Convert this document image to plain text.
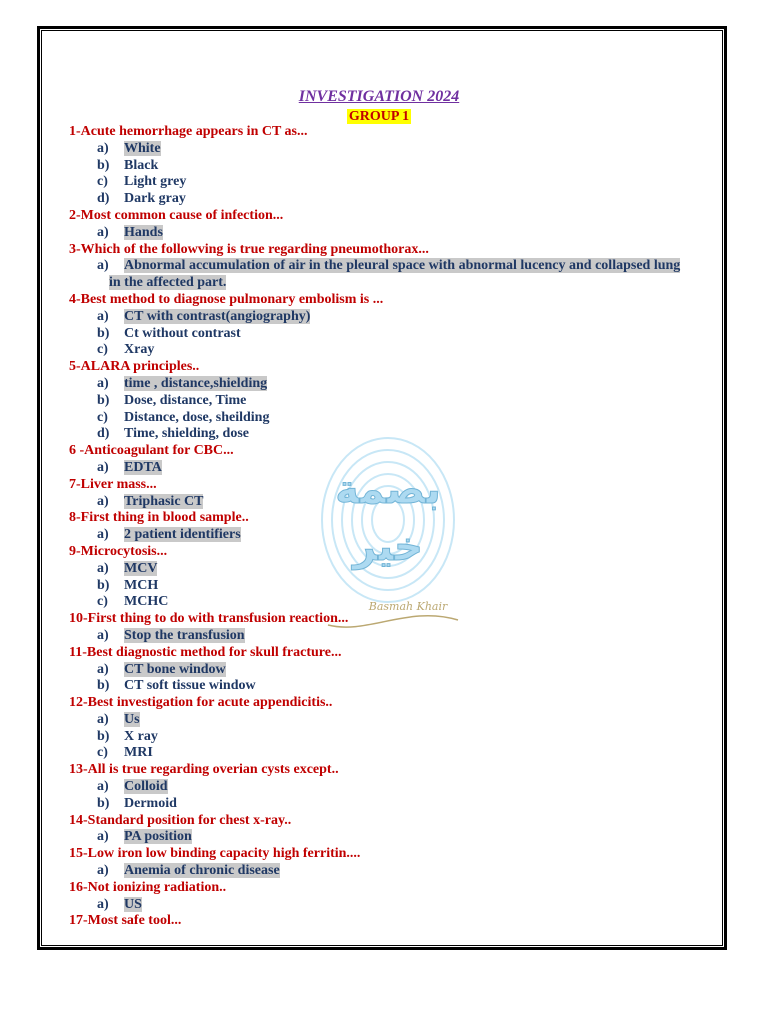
بصمة
خير
Basmah Khair
INVESTIGATION 2024
GROUP 1
1-Acute hemorrhage appears in CT as...
a) White
b) Black
c) Light grey
d) Dark gray
2-Most common cause of infection...
a) Hands
3-Which of the followving is true regarding pneumothorax...
a)	Abnormal accumulation of air in the pleural space with abnormal lucency and collapsed lung in the affected part.
4-Best method to diagnose pulmonary embolism is ...
a) CT with contrast(angiography)
b) Ct without contrast
c) Xray
5-ALARA principles..
a) time , distance,shielding
b) Dose, distance, Time
c) Distance, dose, sheilding
d) Time, shielding, dose
6 -Anticoagulant for CBC...
a) EDTA
7-Liver mass...
a) Triphasic CT
8-First thing in blood sample..
a) 2 patient identifiers
9-Microcytosis...
a) MCV
b) MCH
c) MCHC
10-First thing to do with transfusion reaction...
a) Stop the transfusion
11-Best diagnostic method for skull fracture...
a) CT bone window
b) CT soft tissue window
12-Best investigation for acute appendicitis..
a) Us
b) X ray
c) MRI
13-All is true regarding overian cysts except..
a) Colloid
b) Dermoid
14-Standard position for chest x-ray..
a) PA position
15-Low iron low binding capacity high ferritin....
a) Anemia of chronic disease
16-Not ionizing radiation..
a) US
17-Most safe tool...
